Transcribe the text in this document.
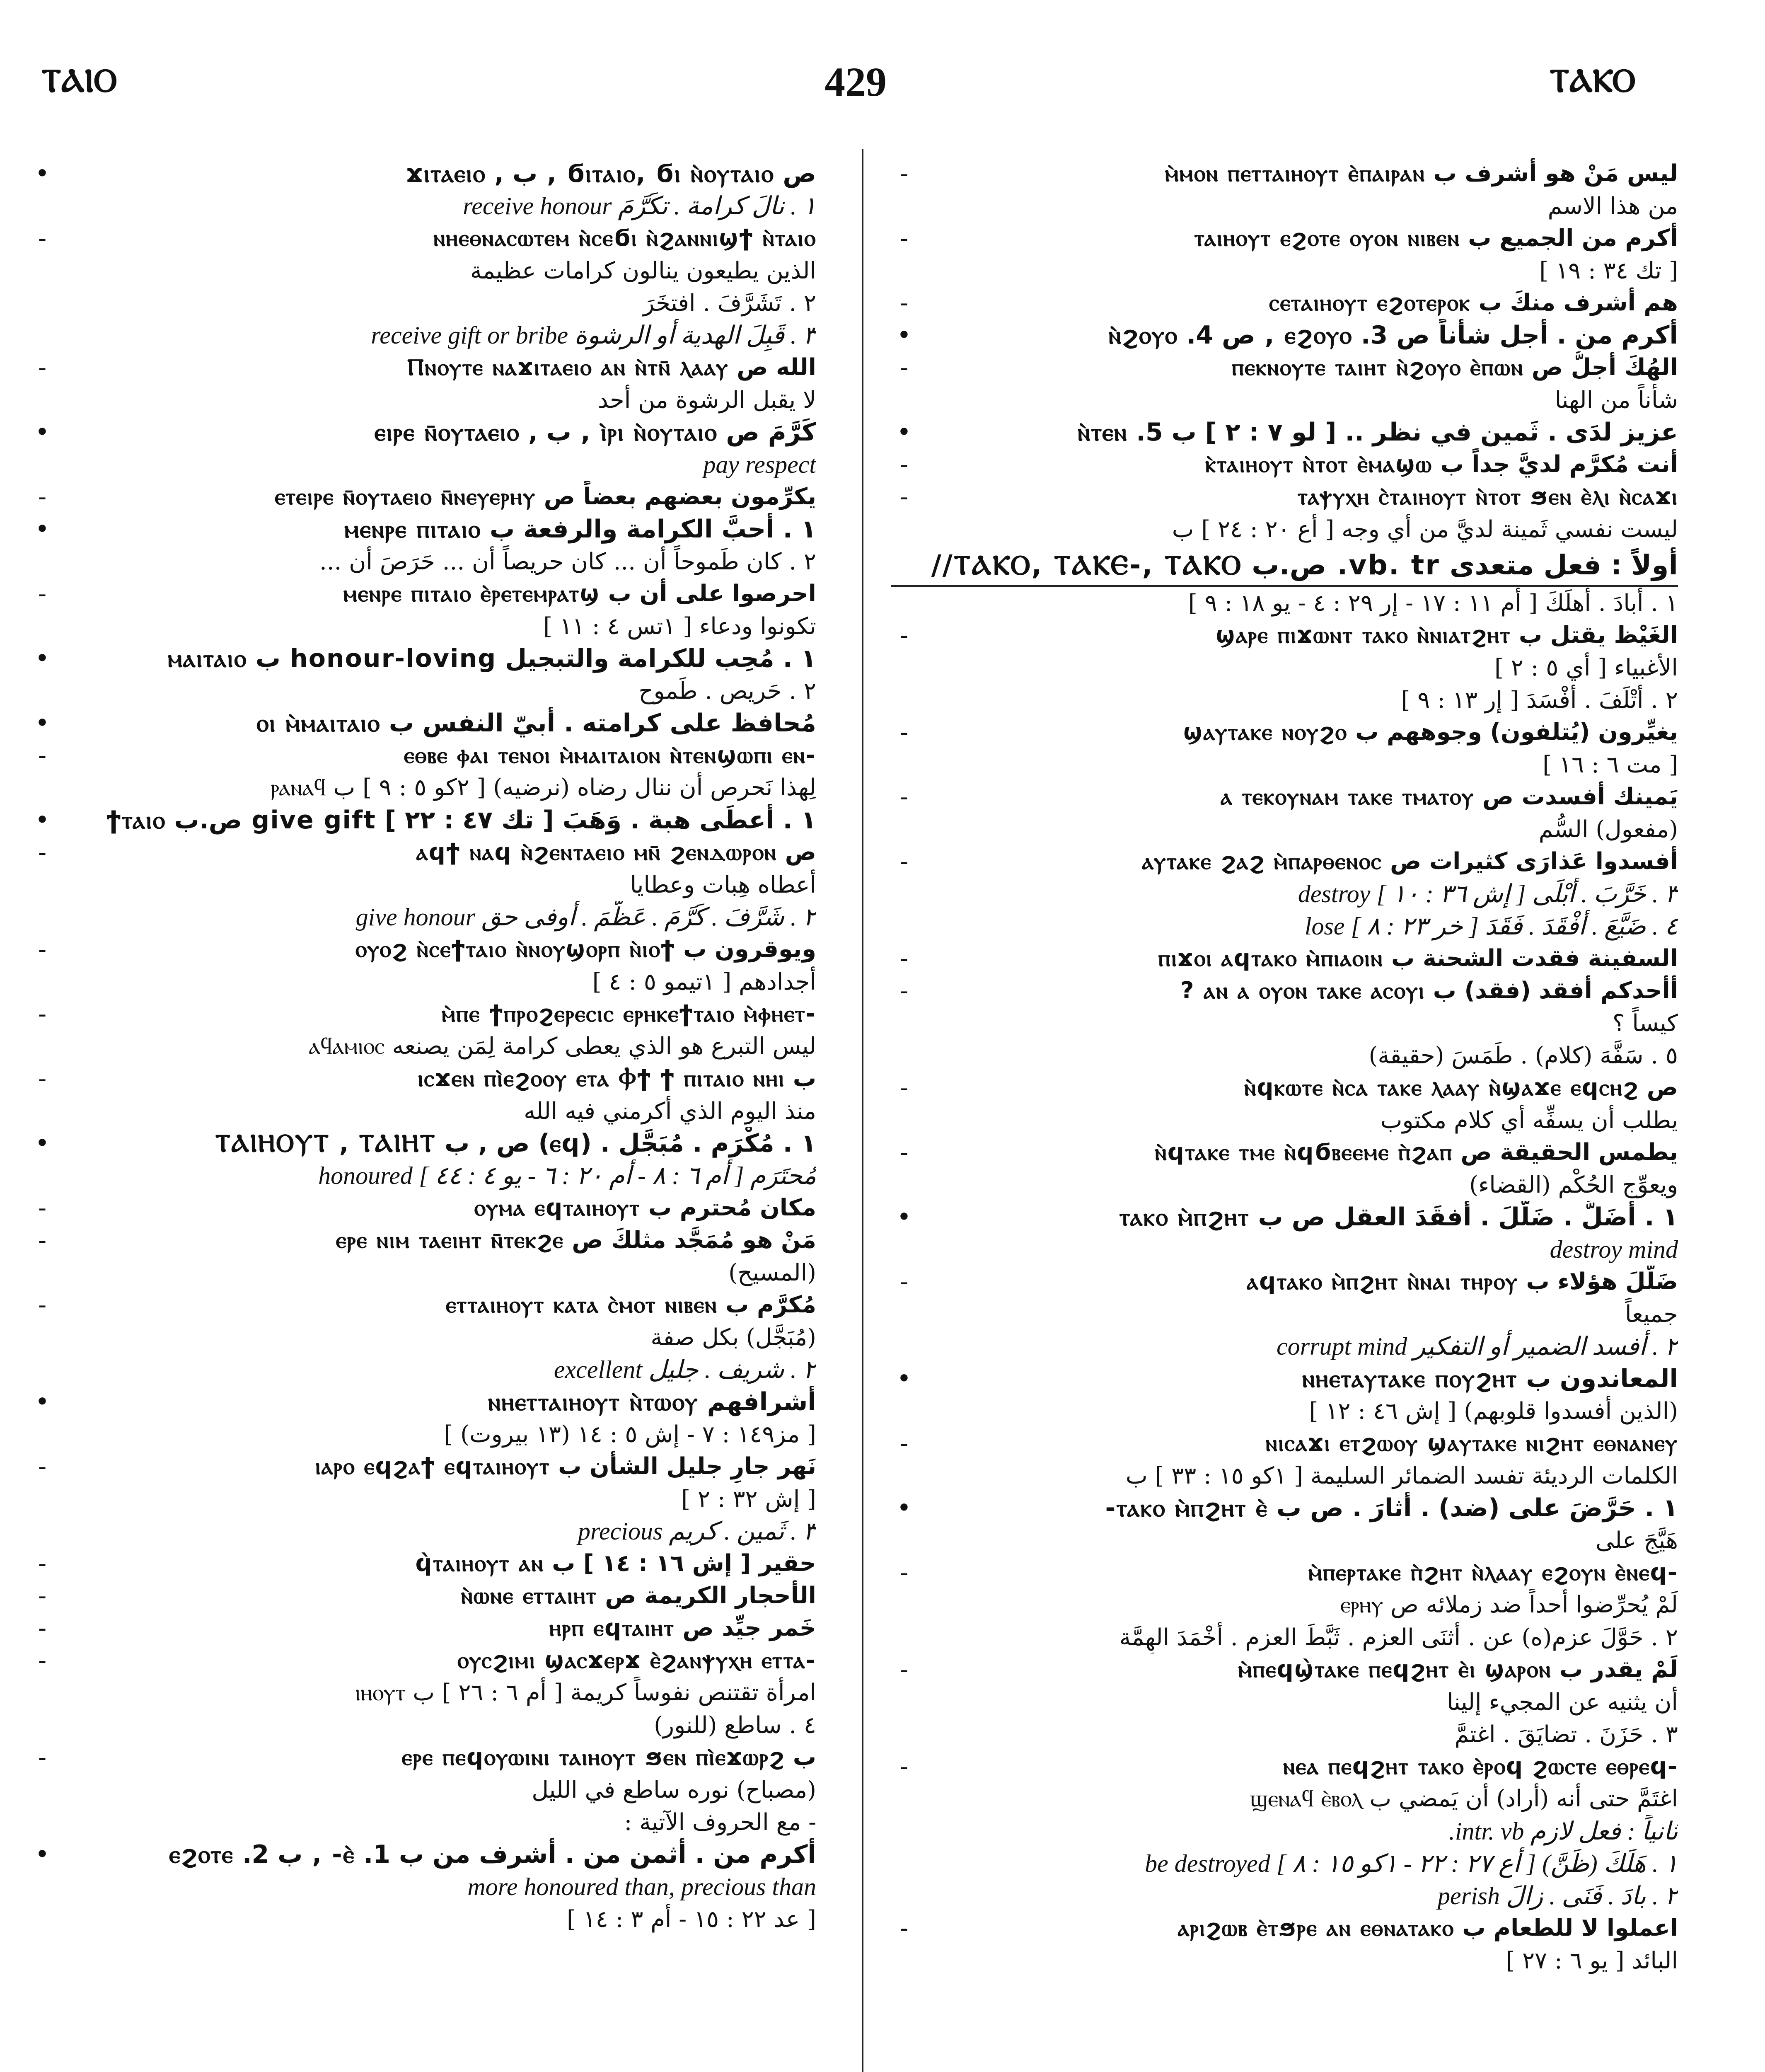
ⲦⲀⲒⲞ	429	ⲦⲀⲔⲞ
•	ص ϭⲓⲧⲁⲓⲟ, ϭⲓ ⲛ̀ⲟⲩⲧⲁⲓⲟ , ب , ϫⲓⲧⲁⲉⲓⲟ
١ . نالَ كرامة . تكَرَّمَ receive honour
-	ⲛⲏⲉⲑⲛⲁⲥⲱⲧⲉⲙ ⲛ̀ⲥⲉϭⲓ ⲛ̀ϩⲁⲛⲛⲓϣϯ ⲛ̀ⲧⲁⲓⲟ
الذين يطيعون ينالون كرامات عظيمة
٢ . تَشَرَّفَ . افتخَرَ
٣ . قَبِلَ الهدية أو الرشوة receive gift or bribe
-	الله ص Ⲡⲛⲟⲩⲧⲉ ⲛⲁϫⲓⲧⲁⲉⲓⲟ ⲁⲛ ⲛ̀ⲧⲛ̄ ⲗⲁⲁⲩ
لا يقبل الرشوة من أحد
•	كَرَّمَ ص ⲓ̀ⲣⲓ ⲛ̀ⲟⲩⲧⲁⲓⲟ , ب , ⲉⲓⲣⲉ ⲛ̄ⲟⲩⲧⲁⲉⲓⲟ
pay respect
-	يكرِّمون بعضهم بعضاً ص ⲉⲧⲉⲓⲣⲉ ⲛ̄ⲟⲩⲧⲁⲉⲓⲟ ⲛ̄ⲛⲉⲩⲉⲣⲏⲩ
•	١ . أحبَّ الكرامة والرفعة ب ⲙⲉⲛⲣⲉ ⲡⲓⲧⲁⲓⲟ
٢ . كان طَموحاً أن ... كان حريصاً أن ... حَرَصَ أن ...
-	احرصوا على أن ب ⲙⲉⲛⲣⲉ ⲡⲓⲧⲁⲓⲟ ⲉ̀ⲣⲉⲧⲉⲙⲣⲁⲧϣ
تكونوا ودعاء [ ١تس ٤ : ١١ ]
•	١ . مُحِب للكرامة والتبجيل honour-loving ب ⲙⲁⲓⲧⲁⲓⲟ
٢ . حَريص . طَموح
•	مُحافظ على كرامته . أبيّ النفس ب ⲟⲓ ⲙ̀ⲙⲁⲓⲧⲁⲓⲟ
-	ⲉⲑⲃⲉ ⲫⲁⲓ ⲧⲉⲛⲟⲓ ⲙ̀ⲙⲁⲓⲧⲁⲓⲟⲛ ⲛ̀ⲧⲉⲛϣⲱⲡⲓ ⲉⲛ-
لِهذا نَحرص أن ننال رضاه (نرضيه) [ ٢كو ٥ : ٩ ] ب ⲣⲁⲛⲁϥ
• ١ . أعطَى هبة . وَهَبَ [ تك ٤٧ : ٢٢ ] give gift ص.ب ϯⲧⲁⲓⲟ
-	ص ⲁϥϯ ⲛⲁϥ ⲛ̀ϩⲉⲛⲧⲁⲉⲓⲟ ⲙⲛ̄ ϩⲉⲛⲇⲱⲣⲟⲛ
أعطاه هِبات وعطايا
٢ . شَرَّفَ . كَرَّمَ . عَظَّمَ . أوفى حق give honour
-	ويوقرون ب ⲟⲩⲟϩ ⲛ̀ⲥⲉϯⲧⲁⲓⲟ ⲛ̀ⲛⲟⲩϣⲟⲣⲡ ⲛ̀ⲓⲟϯ
أجدادهم [ ١تيمو ٥ : ٤ ]
-	ⲙ̀ⲡⲉ ϯⲡⲣⲟϩⲉⲣⲉⲥⲓⲥ ⲉⲣⲏⲕⲉϯⲧⲁⲓⲟ ⲙ̀ⲫⲏⲉⲧ-
ليس التبرع هو الذي يعطى كرامة لِمَن يصنعه ⲁϥⲁⲙⲓⲟⲥ
-	ب ⲓⲥϫⲉⲛ ⲡⲓ̀ⲉϩⲟⲟⲩ ⲉⲧⲁ Ⲫϯ ϯ ⲡⲓⲧⲁⲓⲟ ⲛⲏⲓ
منذ اليوم الذي أكرمني فيه الله
•	١ . مُكْرَم . مُبَجَّل . (ⲉϥ) ص , ب ⲦⲀⲒⲎⲞⲨⲦ , ⲦⲀⲒⲎⲦ
مُحتَرَم [ أم ٦ : ٨ - أم ٢٠ : ٦ - يو ٤ : ٤٤ ] honoured
-	مكان مُحترم ب ⲟⲩⲙⲁ ⲉϥⲧⲁⲓⲏⲟⲩⲧ
-	مَنْ هو مُمَجَّد مثلكَ ص ⲉⲣⲉ ⲛⲓⲙ ⲧⲁⲉⲓⲏⲧ ⲛ̄ⲧⲉⲕϩⲉ
(المسيح)
-	مُكرَّم ب ⲉⲧⲧⲁⲓⲏⲟⲩⲧ ⲕⲁⲧⲁ ⲥ̀ⲙⲟⲧ ⲛⲓⲃⲉⲛ
(مُبَجَّل) بكل صفة
٢ . شريف . جليل excellent
•	أشرافهم ⲛⲏⲉⲧⲧⲁⲓⲏⲟⲩⲧ ⲛ̀ⲧⲱⲟⲩ
[ مز١٤٩ : ٧ - إش ٥ : ١٤ (١٣ بيروت) ]
-	نَهر جارٍ جليل الشأن ب ⲓⲁⲣⲟ ⲉϥϩⲁϯ ⲉϥⲧⲁⲓⲏⲟⲩⲧ
[ إش ٣٢ : ٢ ]
٣ . ثَمين . كريم precious
-	حقير [ إش ١٦ : ١٤ ] ب ϥ̀ⲧⲁⲓⲏⲟⲩⲧ ⲁⲛ
-	الأحجار الكريمة ص ⲛ̀ⲱⲛⲉ ⲉⲧⲧⲁⲓⲏⲧ
-	خَمر جيِّد ص ⲏⲣⲡ ⲉϥⲧⲁⲓⲏⲧ
-	ⲟⲩⲥϩⲓⲙⲓ ϣⲁⲥϫⲉⲣϫ ⲉ̀ϩⲁⲛⲯⲩⲭⲏ ⲉⲧⲧⲁ-
امرأة تقتنص نفوساً كريمة [ أم ٦ : ٢٦ ] ب ⲓⲏⲟⲩⲧ
٤ . ساطع (للنور)
-	ب ⲉⲣⲉ ⲡⲉϥⲟⲩⲱⲓⲛⲓ ⲧⲁⲓⲏⲟⲩⲧ ϧⲉⲛ ⲡⲓ̀ⲉϫⲱⲣϩ
(مصباح) نوره ساطع في الليل
- مع الحروف الآتية :
•	أكرم من . أثمن من . أشرف من ب 1. ⲉ̀- , ب 2. ⲉϩⲟⲧⲉ
more honoured than, precious than
[ عد ٢٢ : ١٥ - أم ٣ : ١٤ ]
-	ليس مَنْ هو أشرف ب ⲙ̀ⲙⲟⲛ ⲡⲉⲧⲧⲁⲓⲏⲟⲩⲧ ⲉ̀ⲡⲁⲓⲣⲁⲛ
من هذا الاسم
-	أكرم من الجميع ب ⲧⲁⲓⲏⲟⲩⲧ ⲉϩⲟⲧⲉ ⲟⲩⲟⲛ ⲛⲓⲃⲉⲛ
[ تك ٣٤ : ١٩ ]
-	هم أشرف منكَ ب ⲥⲉⲧⲁⲓⲏⲟⲩⲧ ⲉϩⲟⲧⲉⲣⲟⲕ
•	أكرم من . أجل شأناً ص 3. ⲉϩⲟⲩⲟ , ص 4. ⲛ̀ϩⲟⲩⲟ
-	الهُكَ أجلُّ ص ⲡⲉⲕⲛⲟⲩⲧⲉ ⲧⲁⲓⲏⲧ ⲛ̀ϩⲟⲩⲟ ⲉ̀ⲡⲱⲛ
شأناً من الهنا
•	عزيز لدَى . ثَمين في نظر .. [ لو ٧ : ٢ ] ب 5. ⲛ̀ⲧⲉⲛ
-	أنت مُكرَّم لديَّ جداً ب ⲕ̀ⲧⲁⲓⲏⲟⲩⲧ ⲛ̀ⲧⲟⲧ ⲉ̀ⲙⲁϣⲱ
-	ⲧⲁⲯⲩⲭⲏ ⲥ̀ⲧⲁⲓⲏⲟⲩⲧ ⲛ̀ⲧⲟⲧ ϧⲉⲛ ⲉ̀ⲗⲓ ⲛ̀ⲥⲁϫⲓ
ليست نفسي ثَمينة لديَّ من أي وجه [ أع ٢٠ : ٢٤ ] ب
أولاً : فعل متعدى vb. tr. ص.ب ⲦⲀⲔⲞ, ⲦⲀⲔⲈ-, ⲦⲀⲔⲞ//
١ . أبادَ . أهلَكَ [ أم ١١ : ١٧ - إر ٢٩ : ٤ - يو ١٨ : ٩ ]
-	الغَيْظ يقتل ب ϣⲁⲣⲉ ⲡⲓϫⲱⲛⲧ ⲧⲁⲕⲟ ⲛ̀ⲛⲓⲁⲧϩⲏⲧ
الأغبياء [ أي ٥ : ٢ ]
٢ . أتْلَفَ . أفْسَدَ [ إر ١٣ : ٩ ]
-	يغيِّرون (يُتلفون) وجوههم ب ϣⲁⲩⲧⲁⲕⲉ ⲛⲟⲩϩⲟ
[ مت ٦ : ١٦ ]
-	يَمينك أفسدت ص ⲁ ⲧⲉⲕⲟⲩⲛⲁⲙ ⲧⲁⲕⲉ ⲧⲙⲁⲧⲟⲩ
(مفعول) السُّم
-	أفسدوا عَذارَى كثيرات ص ⲁⲩⲧⲁⲕⲉ ϩⲁϩ ⲙ̀ⲡⲁⲣⲑⲉⲛⲟⲥ
٣ . خَرَّبَ . أبْلَى [ إش ٣٦ : ١٠ ] destroy
٤ . ضَيَّعَ . أفْقَدَ . فَقَدَ [ خر ٢٣ : ٨ ] lose
-	السفينة فقدت الشحنة ب ⲡⲓϫⲟⲓ ⲁϥⲧⲁⲕⲟ ⲙ̀ⲡⲓⲁⲟⲓⲛ
-	أأحدكم أفقد (فقد) ب ⲁⲛ ⲁ ⲟⲩⲟⲛ ⲧⲁⲕⲉ ⲁⲥⲟⲩⲓ ?
كيساً ؟
٥ . سَفَّهَ (كلام) . طَمَسَ (حقيقة)
-	ص ⲛ̀ϥⲕⲱⲧⲉ ⲛ̀ⲥⲁ ⲧⲁⲕⲉ ⲗⲁⲁⲩ ⲛ̀ϣⲁϫⲉ ⲉϥⲥⲏϩ
يطلب أن يسفِّه أي كلام مكتوب
-	يطمس الحقيقة ص ⲛ̀ϥⲧⲁⲕⲉ ⲧⲙⲉ ⲛ̀ϥϭⲃⲉⲉⲙⲉ ⲡ̀ϩⲁⲡ
ويعوِّج الحُكْم (القضاء)
•	١ . أضَلَّ . ضَلَّلَ . أفقَدَ العقل ص ب ⲧⲁⲕⲟ ⲙ̀ⲡϩⲏⲧ
destroy mind
-	ضَلَّلَ هؤلاء ب ⲁϥⲧⲁⲕⲟ ⲙ̀ⲡϩⲏⲧ ⲛ̀ⲛⲁⲓ ⲧⲏⲣⲟⲩ
جميعاً
٢ . أفسد الضمير أو التفكير corrupt mind
•	المعاندون ب ⲛⲏⲉⲧⲁⲩⲧⲁⲕⲉ ⲡⲟⲩϩⲏⲧ
(الذين أفسدوا قلوبهم) [ إش ٤٦ : ١٢ ]
-	ⲛⲓⲥⲁϫⲓ ⲉⲧϩⲱⲟⲩ ϣⲁⲩⲧⲁⲕⲉ ⲛⲓϩⲏⲧ ⲉⲑⲛⲁⲛⲉⲩ
الكلمات الرديئة تفسد الضمائر السليمة [ ١كو ١٥ : ٣٣ ] ب
•	١ . حَرَّضَ على (ضد) . أثارَ . ص ب ⲧⲁⲕⲟ ⲙ̀ⲡϩⲏⲧ ⲉ̀-
هَيَّجَ على
-	ⲙ̀ⲡⲉⲣⲧⲁⲕⲉ ⲡ̀ϩⲏⲧ ⲛ̀ⲗⲁⲁⲩ ⲉϩⲟⲩⲛ ⲉ̀ⲛⲉϥ-
لَمْ يُحرِّضوا أحداً ضد زملائه ص ⲉⲣⲏⲩ
٢ . حَوَّلَ عزم(ه) عن . أثنَى العزم . ثَبَّطَ العزم . أخْمَدَ الهِمَّة
-	لَمْ يقدر ب ⲙ̀ⲡⲉϥϣ̀ⲧⲁⲕⲉ ⲡⲉϥϩⲏⲧ ⲉ̀ⲓ ϣⲁⲣⲟⲛ
أن يثنيه عن المجيء إلينا
٣ . حَزَنَ . تضايَقَ . اغتمَّ
-	ⲛⲉⲁ ⲡⲉϥϩⲏⲧ ⲧⲁⲕⲟ ⲉ̀ⲣⲟϥ ϩⲱⲥⲧⲉ ⲉⲑⲣⲉϥ-
اغتَمَّ حتى أنه (أراد) أن يَمضي ب ϣⲉⲛⲁϥ ⲉ̀ⲃⲟⲗ
ثانياً : فعل لازم intr. vb.
١ . هَلَكَ (ظَنَّ) [ أع ٢٧ : ٢٢ - ١كو ١٥ : ٨ ] be destroyed
٢ . بادَ . فَنَى . زالَ perish
-	اعملوا لا للطعام ب ⲁⲣⲓϩⲱⲃ ⲉ̀ⲧϧⲣⲉ ⲁⲛ ⲉⲑⲛⲁⲧⲁⲕⲟ
البائد [ يو ٦ : ٢٧ ]
